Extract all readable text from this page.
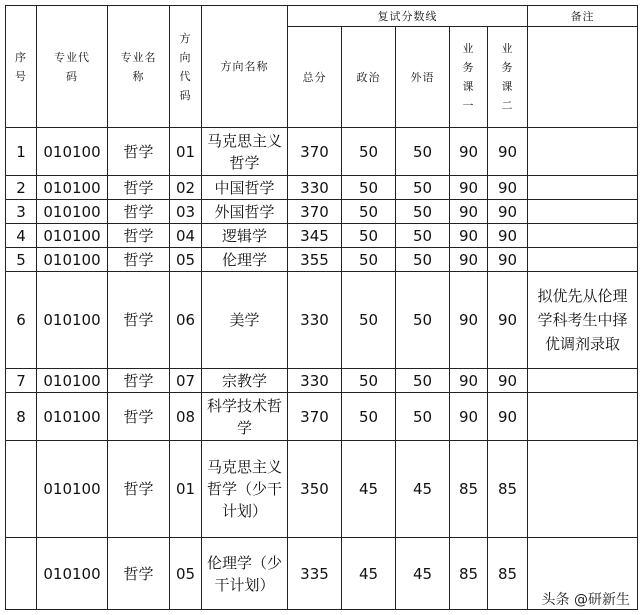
序号	专业代码	专业名称	方向代码	方向名称	复试分数线					备注
					总分	政治	外语	业务课一	业务课二	
1	010100	哲学	01	马克思主义哲学	370	50	50	90	90	
2	010100	哲学	02	中国哲学	330	50	50	90	90	
3	010100	哲学	03	外国哲学	370	50	50	90	90	
4	010100	哲学	04	逻辑学	345	50	50	90	90	
5	010100	哲学	05	伦理学	355	50	50	90	90	
6	010100	哲学	06	美学	330	50	50	90	90	拟优先从伦理学科考生中择优调剂录取
7	010100	哲学	07	宗教学	330	50	50	90	90	
8	010100	哲学	08	科学技术哲学	370	50	50	90	90	
	010100	哲学	01	马克思主义哲学（少干计划）	350	45	45	85	85	
	010100	哲学	05	伦理学（少干计划）	335	45	45	85	85	
头条 @研新生
